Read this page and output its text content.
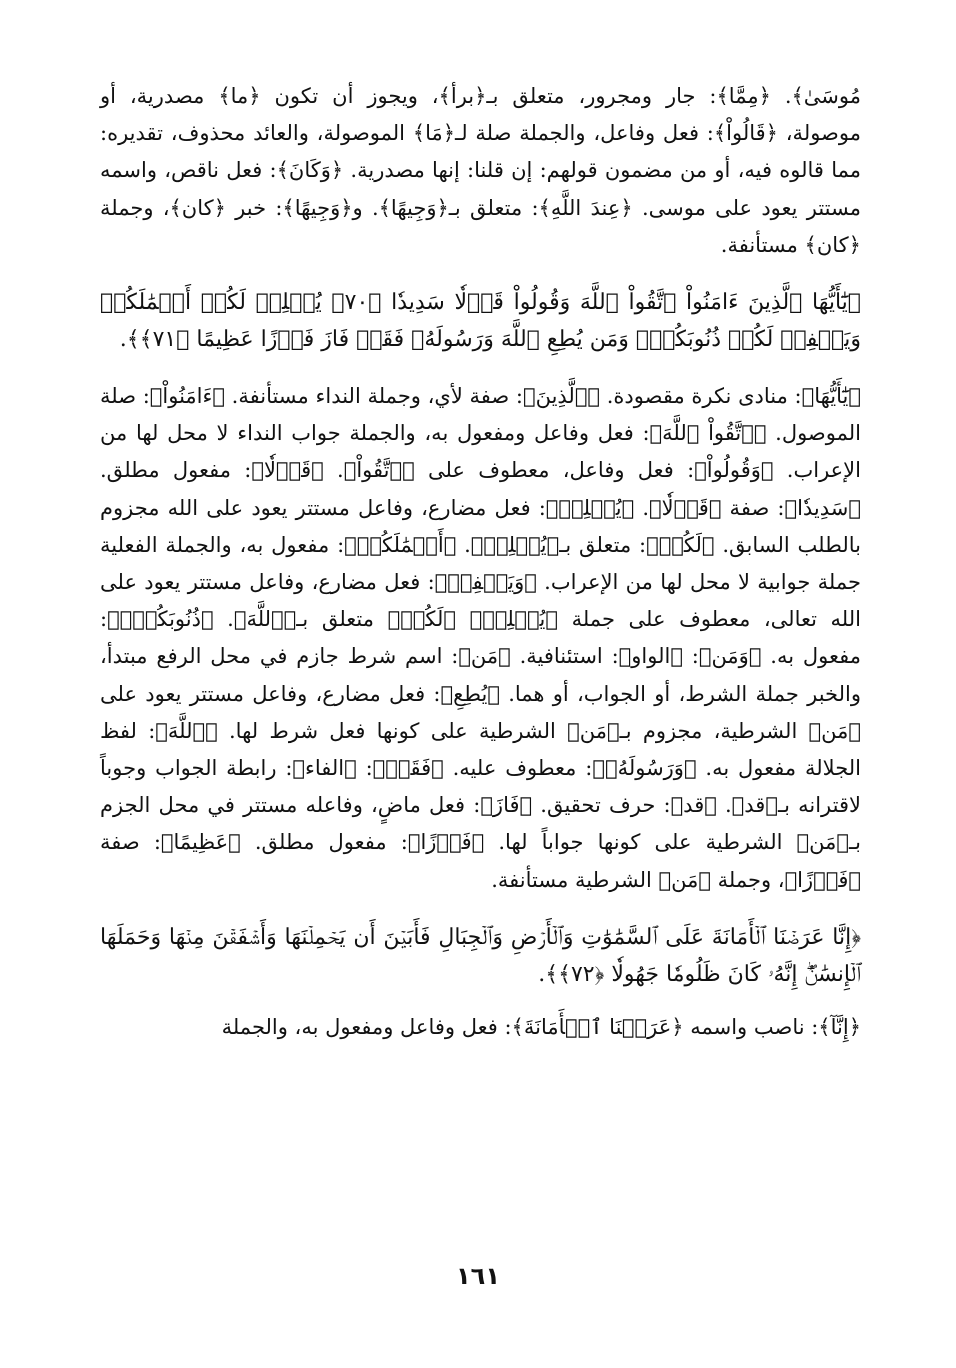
مُوسَىٰ﴾. ﴿مِمَّا﴾: جار ومجرور، متعلق بـ﴿برأ﴾، ويجوز أن تكون ﴿ما﴾ مصدرية، أو موصولة، ﴿قَالُواْ﴾: فعل وفاعل، والجملة صلة لـ﴿مَا﴾ الموصولة، والعائد محذوف، تقديره: مما قالوه فيه، أو من مضمون قولهم: إن قلنا: إنها مصدرية. ﴿وَكَانَ﴾: فعل ناقص، واسمه مستتر يعود على موسى. ﴿عِندَ اللَّهِ﴾: متعلق بـ﴿وَجِيهًا﴾. و﴿وَجِيهًا﴾: خبر ﴿كان﴾، وجملة ﴿كان﴾ مستأنفة.

﴿يَٰٓأَيُّهَا ٱلَّذِينَ ءَامَنُواْ ٱتَّقُواْ ٱللَّهَ وَقُولُواْ قَوۡلٗا سَدِيدٗا ﴿٧٠﴾ يُصۡلِحۡ لَكُمۡ أَعۡمَٰلَكُمۡ وَيَغۡفِرۡ لَكُمۡ ذُنُوبَكُمۡۗ وَمَن يُطِعِ ٱللَّهَ وَرَسُولَهُۥ فَقَدۡ فَازَ فَوۡزًا عَظِيمًا ﴿٧١﴾﴾.

﴿يَٰٓأَيُّهَا﴾: منادى نكرة مقصودة. ﴿ٱلَّذِينَ﴾: صفة لأي، وجملة النداء مستأنفة. ﴿ءَامَنُواْ﴾: صلة الموصول. ﴿ٱتَّقُواْ ٱللَّهَ﴾: فعل وفاعل ومفعول به، والجملة جواب النداء لا محل لها من الإعراب. ﴿وَقُولُواْ﴾: فعل وفاعل، معطوف على ﴿ٱتَّقُواْ﴾. ﴿قَوۡلٗا﴾: مفعول مطلق. ﴿سَدِيدٗا﴾: صفة ﴿قَوۡلٗا﴾. ﴿يُصۡلِحۡ﴾: فعل مضارع، وفاعل مستتر يعود على الله مجزوم بالطلب السابق. ﴿لَكُمۡ﴾: متعلق بـ﴿يُصۡلِحۡ﴾. ﴿أَعۡمَٰلَكُمۡ﴾: مفعول به، والجملة الفعلية جملة جوابية لا محل لها من الإعراب. ﴿وَيَغۡفِرۡ﴾: فعل مضارع، وفاعل مستتر يعود على الله تعالى، معطوف على جملة ﴿يُصۡلِحۡ﴾ ﴿لَكُمۡ﴾ متعلق بـ﴿ٱللَّهَ﴾. ﴿ذُنُوبَكُمۡۗ﴾: مفعول به. ﴿وَمَن﴾: ﴿الواو﴾: استئنافية. ﴿مَن﴾: اسم شرط جازم في محل الرفع مبتدأ، والخبر جملة الشرط، أو الجواب، أو هما. ﴿يُطِعِ﴾: فعل مضارع، وفاعل مستتر يعود على ﴿مَن﴾ الشرطية، مجزوم بـ﴿مَن﴾ الشرطية على كونها فعل شرط لها. ﴿ٱللَّهَ﴾: لفظ الجلالة مفعول به. ﴿وَرَسُولَهُۥ﴾: معطوف عليه. ﴿فَقَدۡ﴾: ﴿الفاء﴾: رابطة الجواب وجوباً لاقترانه بـ﴿قد﴾. ﴿قد﴾: حرف تحقيق. ﴿فَازَ﴾: فعل ماضٍ، وفاعله مستتر في محل الجزم بـ﴿مَن﴾ الشرطية على كونها جواباً لها. ﴿فَوۡزًا﴾: مفعول مطلق. ﴿عَظِيمًا﴾: صفة ﴿فَوۡزًا﴾، وجملة ﴿مَن﴾ الشرطية مستأنفة.

﴿إِنَّا عَرَضۡنَا ٱلۡأَمَانَةَ عَلَى ٱلسَّمَٰوَٰتِ وَٱلۡأَرۡضِ وَٱلۡجِبَالِ فَأَبَيۡنَ أَن يَحۡمِلۡنَهَا وَأَشۡفَقۡنَ مِنۡهَا وَحَمَلَهَا ٱلۡإِنسَٰنُۖ إِنَّهُۥ كَانَ ظَلُومٗا جَهُولٗا ﴿٧٢﴾﴾.

﴿إِنَّآ﴾: ناصب واسمه ﴿عَرَضۡنَا ٱلۡأَمَانَةَ﴾: فعل وفاعل ومفعول به، والجملة

١٦١
